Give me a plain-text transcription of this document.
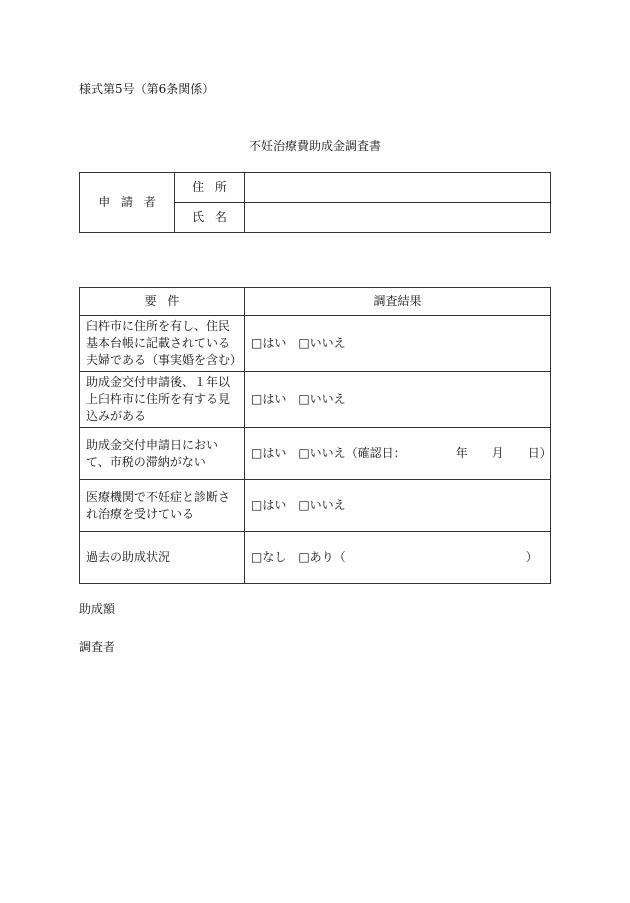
様式第5号（第6条関係）
不妊治療費助成金調査書
申請者	住所	
	氏名	
要件	調査結果
臼杵市に住所を有し、住民基本台帳に記載されている夫婦である（事実婚を含む）	□はい　□いいえ
助成金交付申請後、１年以上臼杵市に住所を有する見込みがある	□はい　□いいえ
助成金交付申請日において、市税の滞納がない	□はい　□いいえ（確認日： 年 月 日）
医療機関で不妊症と診断され治療を受けている	□はい　□いいえ
過去の助成状況	□なし　□あり（ ）
助成額
調査者
